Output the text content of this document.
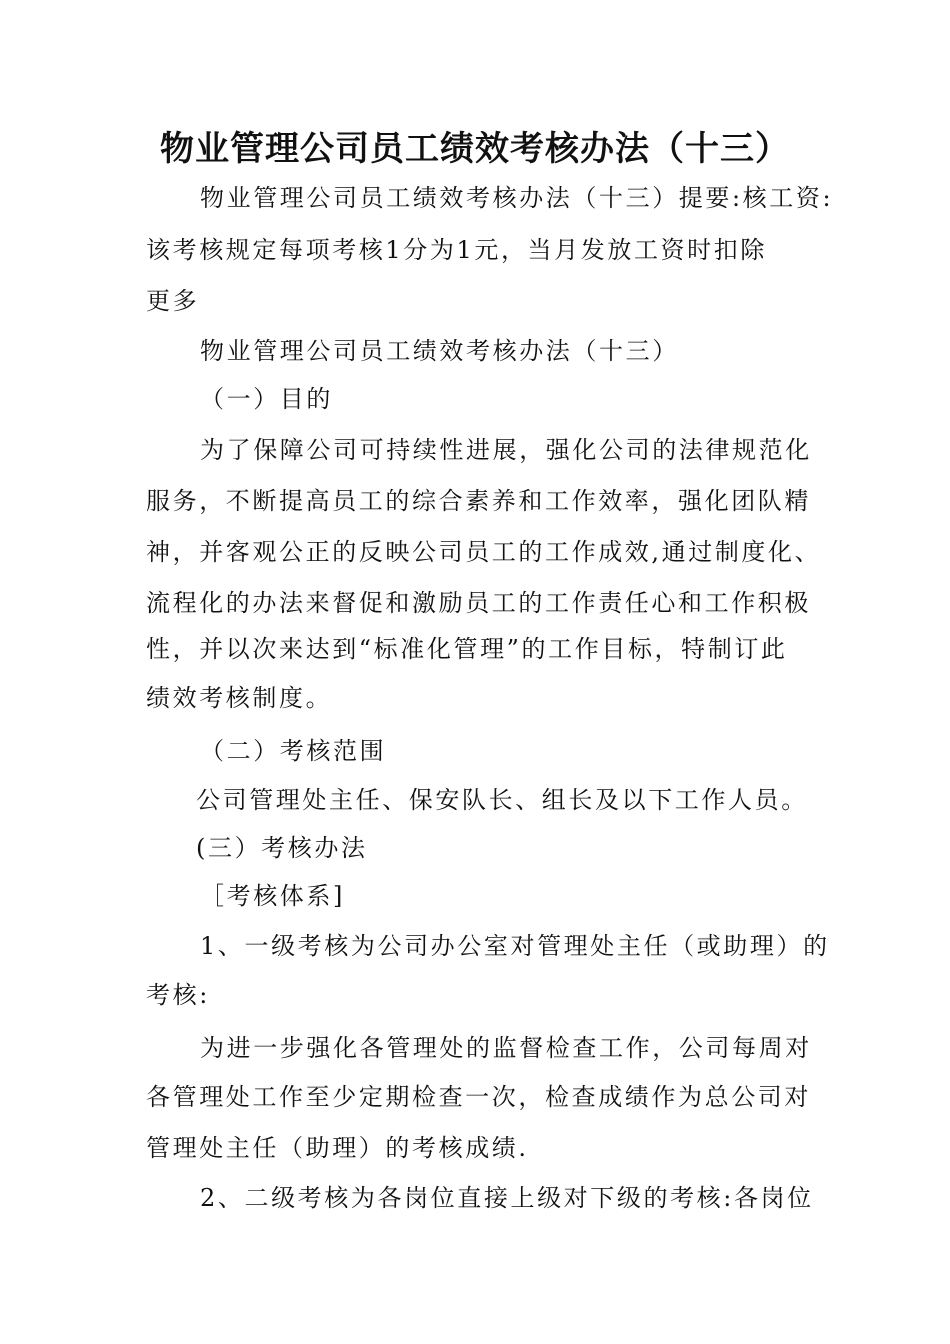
物业管理公司员工绩效考核办法（十三）
物业管理公司员工绩效考核办法（十三）提要:核工资:
该考核规定每项考核1分为1元，当月发放工资时扣除
更多
物业管理公司员工绩效考核办法（十三）
（一）目的
为了保障公司可持续性进展，强化公司的法律规范化
服务，不断提高员工的综合素养和工作效率，强化团队精
神，并客观公正的反映公司员工的工作成效,通过制度化、
流程化的办法来督促和激励员工的工作责任心和工作积极
性，并以次来达到“标准化管理”的工作目标，特制订此
绩效考核制度。
（二）考核范围
公司管理处主任、保安队长、组长及以下工作人员。
(三）考核办法
［考核体系]
1、一级考核为公司办公室对管理处主任（或助理）的
考核:
为进一步强化各管理处的监督检查工作，公司每周对
各管理处工作至少定期检查一次，检查成绩作为总公司对
管理处主任（助理）的考核成绩.
2、二级考核为各岗位直接上级对下级的考核:各岗位
